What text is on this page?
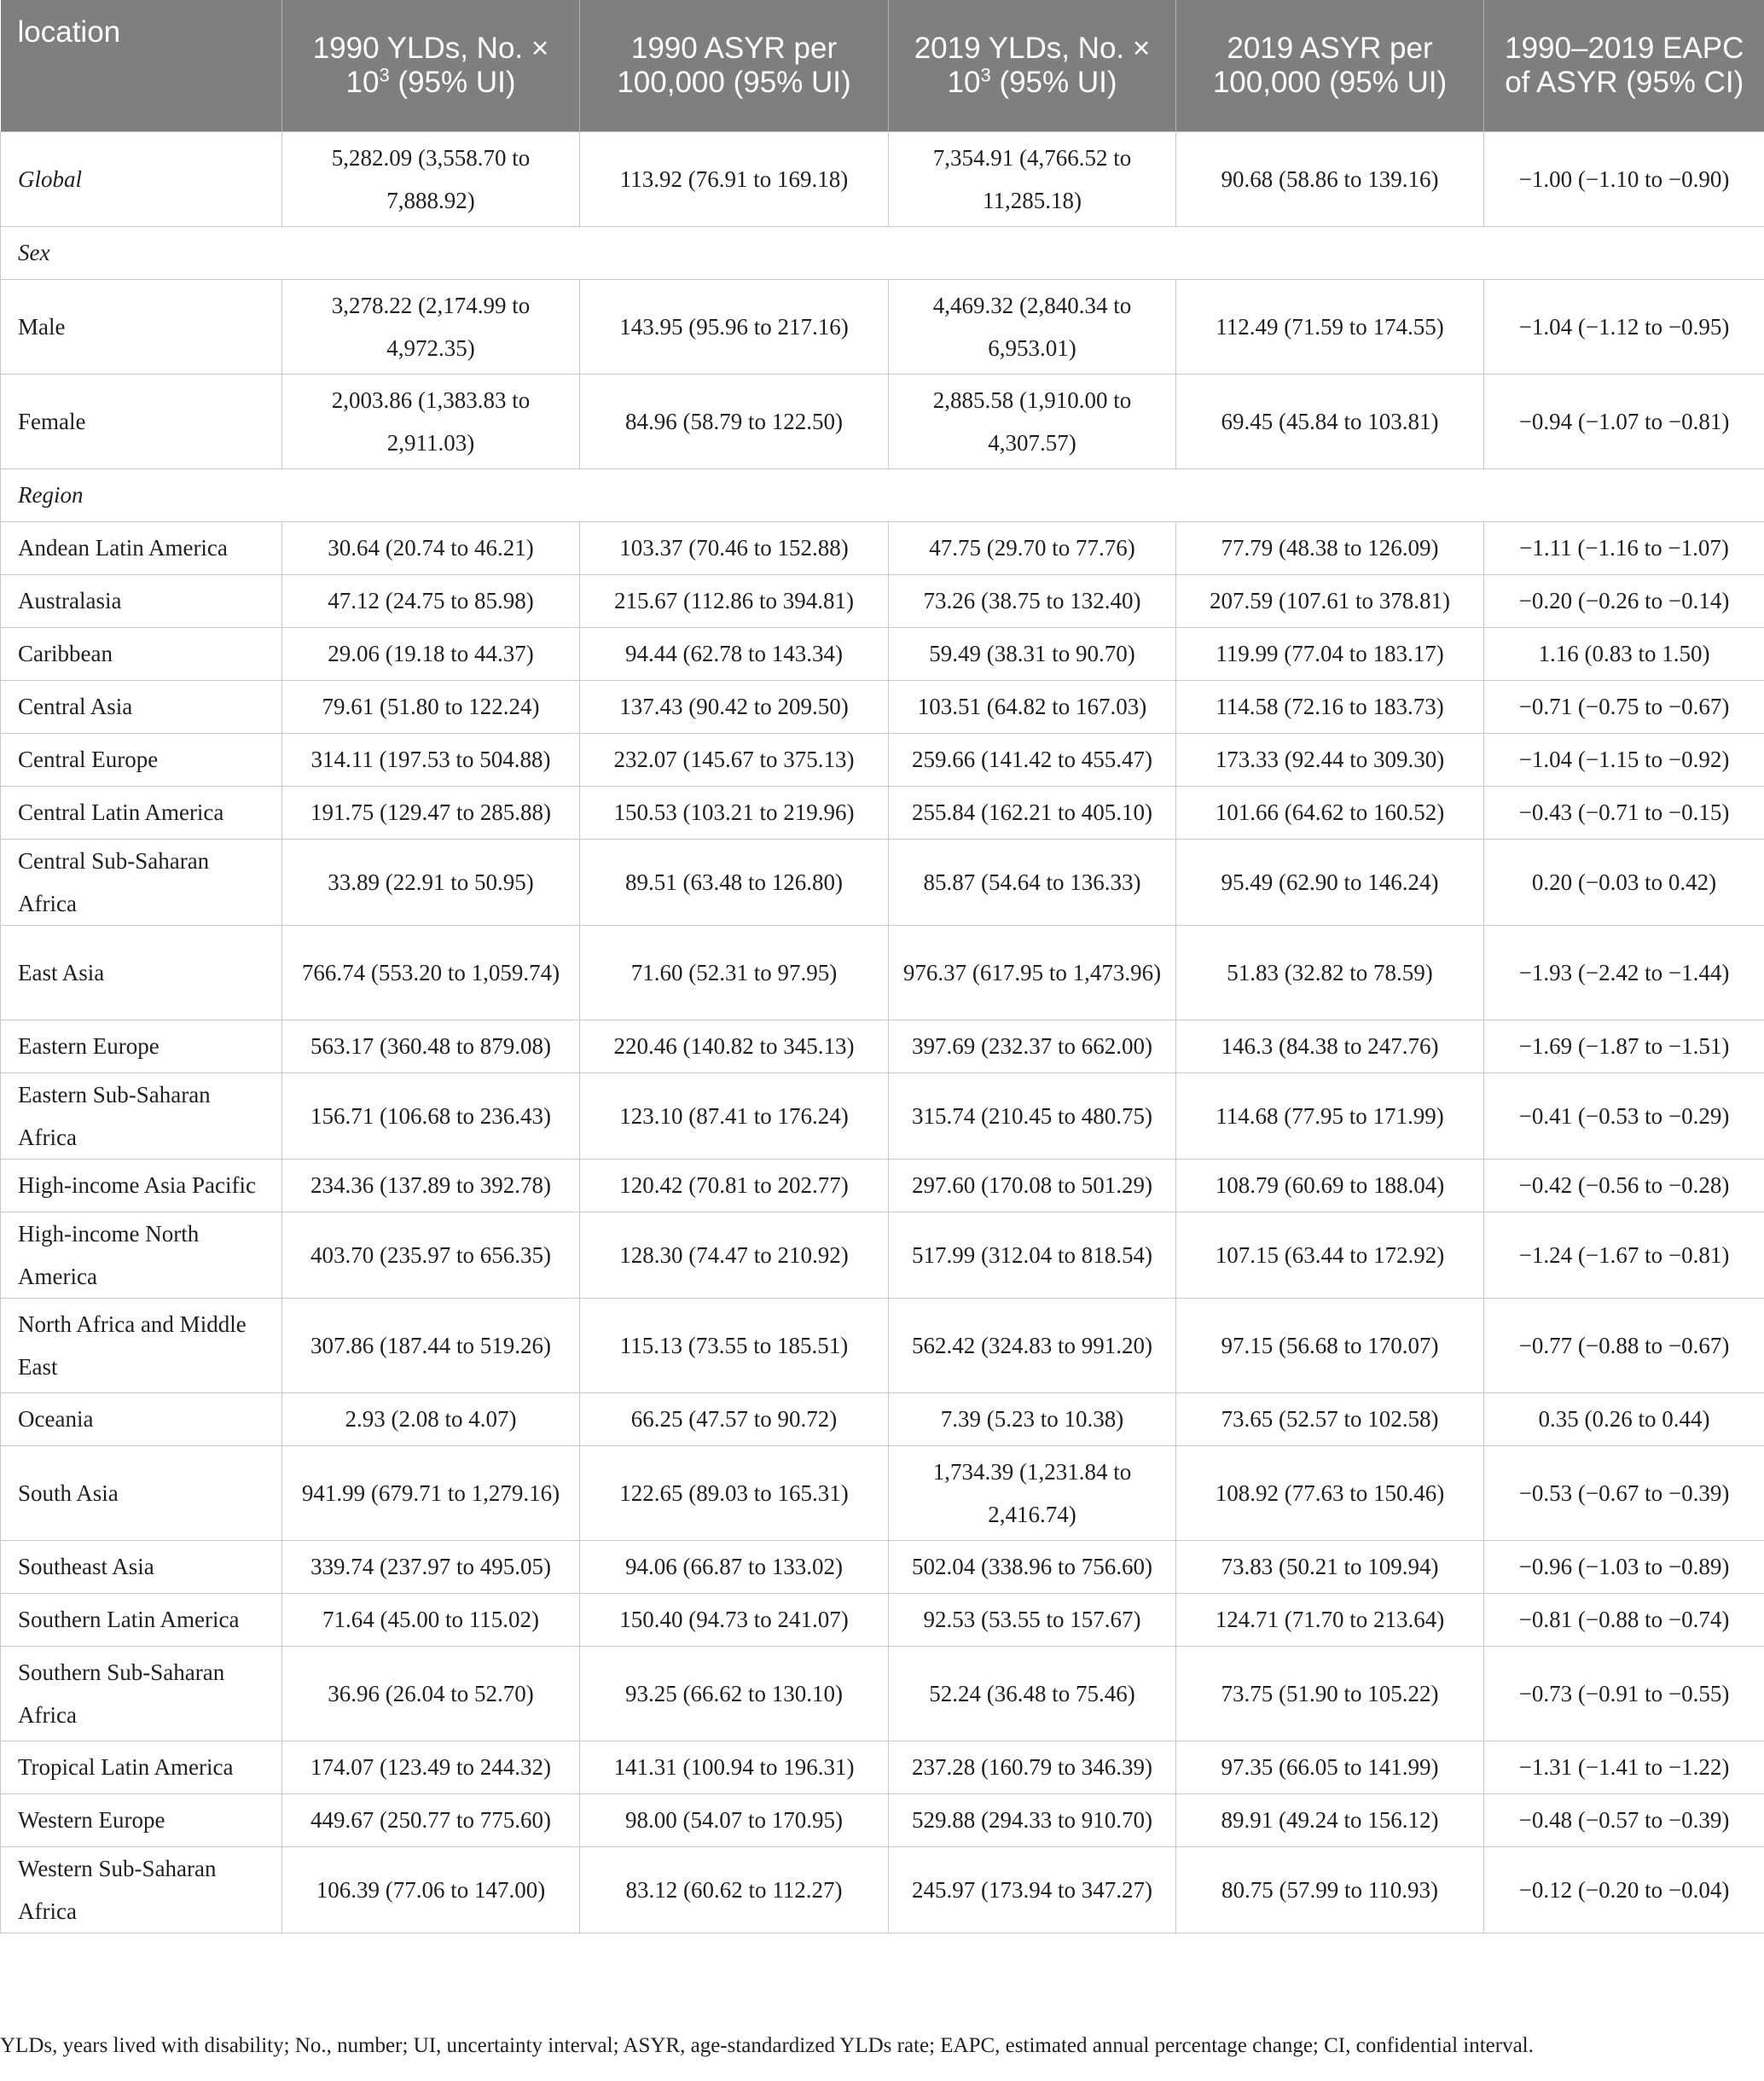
location	1990 YLDs, No. × $10^3$ (95% UI)	1990 ASYR per 100,000 (95% UI)	2019 YLDs, No. × $10^3$ (95% UI)	2019 ASYR per 100,000 (95% UI)	1990–2019 EAPC of ASYR (95% CI)
Global	5,282.09 (3,558.70 to 7,888.92)	113.92 (76.91 to 169.18)	7,354.91 (4,766.52 to 11,285.18)	90.68 (58.86 to 139.16)	−1.00 (−1.10 to −0.90)
Sex					
Male	3,278.22 (2,174.99 to 4,972.35)	143.95 (95.96 to 217.16)	4,469.32 (2,840.34 to 6,953.01)	112.49 (71.59 to 174.55)	−1.04 (−1.12 to −0.95)
Female	2,003.86 (1,383.83 to 2,911.03)	84.96 (58.79 to 122.50)	2,885.58 (1,910.00 to 4,307.57)	69.45 (45.84 to 103.81)	−0.94 (−1.07 to −0.81)
Region					
Andean Latin America	30.64 (20.74 to 46.21)	103.37 (70.46 to 152.88)	47.75 (29.70 to 77.76)	77.79 (48.38 to 126.09)	−1.11 (−1.16 to −1.07)
Australasia	47.12 (24.75 to 85.98)	215.67 (112.86 to 394.81)	73.26 (38.75 to 132.40)	207.59 (107.61 to 378.81)	−0.20 (−0.26 to −0.14)
Caribbean	29.06 (19.18 to 44.37)	94.44 (62.78 to 143.34)	59.49 (38.31 to 90.70)	119.99 (77.04 to 183.17)	1.16 (0.83 to 1.50)
Central Asia	79.61 (51.80 to 122.24)	137.43 (90.42 to 209.50)	103.51 (64.82 to 167.03)	114.58 (72.16 to 183.73)	−0.71 (−0.75 to −0.67)
Central Europe	314.11 (197.53 to 504.88)	232.07 (145.67 to 375.13)	259.66 (141.42 to 455.47)	173.33 (92.44 to 309.30)	−1.04 (−1.15 to −0.92)
Central Latin America	191.75 (129.47 to 285.88)	150.53 (103.21 to 219.96)	255.84 (162.21 to 405.10)	101.66 (64.62 to 160.52)	−0.43 (−0.71 to −0.15)
Central Sub-Saharan Africa	33.89 (22.91 to 50.95)	89.51 (63.48 to 126.80)	85.87 (54.64 to 136.33)	95.49 (62.90 to 146.24)	0.20 (−0.03 to 0.42)
East Asia	766.74 (553.20 to 1,059.74)	71.60 (52.31 to 97.95)	976.37 (617.95 to 1,473.96)	51.83 (32.82 to 78.59)	−1.93 (−2.42 to −1.44)
Eastern Europe	563.17 (360.48 to 879.08)	220.46 (140.82 to 345.13)	397.69 (232.37 to 662.00)	146.3 (84.38 to 247.76)	−1.69 (−1.87 to −1.51)
Eastern Sub-Saharan Africa	156.71 (106.68 to 236.43)	123.10 (87.41 to 176.24)	315.74 (210.45 to 480.75)	114.68 (77.95 to 171.99)	−0.41 (−0.53 to −0.29)
High-income Asia Pacific	234.36 (137.89 to 392.78)	120.42 (70.81 to 202.77)	297.60 (170.08 to 501.29)	108.79 (60.69 to 188.04)	−0.42 (−0.56 to −0.28)
High-income North America	403.70 (235.97 to 656.35)	128.30 (74.47 to 210.92)	517.99 (312.04 to 818.54)	107.15 (63.44 to 172.92)	−1.24 (−1.67 to −0.81)
North Africa and Middle East	307.86 (187.44 to 519.26)	115.13 (73.55 to 185.51)	562.42 (324.83 to 991.20)	97.15 (56.68 to 170.07)	−0.77 (−0.88 to −0.67)
Oceania	2.93 (2.08 to 4.07)	66.25 (47.57 to 90.72)	7.39 (5.23 to 10.38)	73.65 (52.57 to 102.58)	0.35 (0.26 to 0.44)
South Asia	941.99 (679.71 to 1,279.16)	122.65 (89.03 to 165.31)	1,734.39 (1,231.84 to 2,416.74)	108.92 (77.63 to 150.46)	−0.53 (−0.67 to −0.39)
Southeast Asia	339.74 (237.97 to 495.05)	94.06 (66.87 to 133.02)	502.04 (338.96 to 756.60)	73.83 (50.21 to 109.94)	−0.96 (−1.03 to −0.89)
Southern Latin America	71.64 (45.00 to 115.02)	150.40 (94.73 to 241.07)	92.53 (53.55 to 157.67)	124.71 (71.70 to 213.64)	−0.81 (−0.88 to −0.74)
Southern Sub-Saharan Africa	36.96 (26.04 to 52.70)	93.25 (66.62 to 130.10)	52.24 (36.48 to 75.46)	73.75 (51.90 to 105.22)	−0.73 (−0.91 to −0.55)
Tropical Latin America	174.07 (123.49 to 244.32)	141.31 (100.94 to 196.31)	237.28 (160.79 to 346.39)	97.35 (66.05 to 141.99)	−1.31 (−1.41 to −1.22)
Western Europe	449.67 (250.77 to 775.60)	98.00 (54.07 to 170.95)	529.88 (294.33 to 910.70)	89.91 (49.24 to 156.12)	−0.48 (−0.57 to −0.39)
Western Sub-Saharan Africa	106.39 (77.06 to 147.00)	83.12 (60.62 to 112.27)	245.97 (173.94 to 347.27)	80.75 (57.99 to 110.93)	−0.12 (−0.20 to −0.04)
YLDs, years lived with disability; No., number; UI, uncertainty interval; ASYR, age-standardized YLDs rate; EAPC, estimated annual percentage change; CI, confidential interval.
